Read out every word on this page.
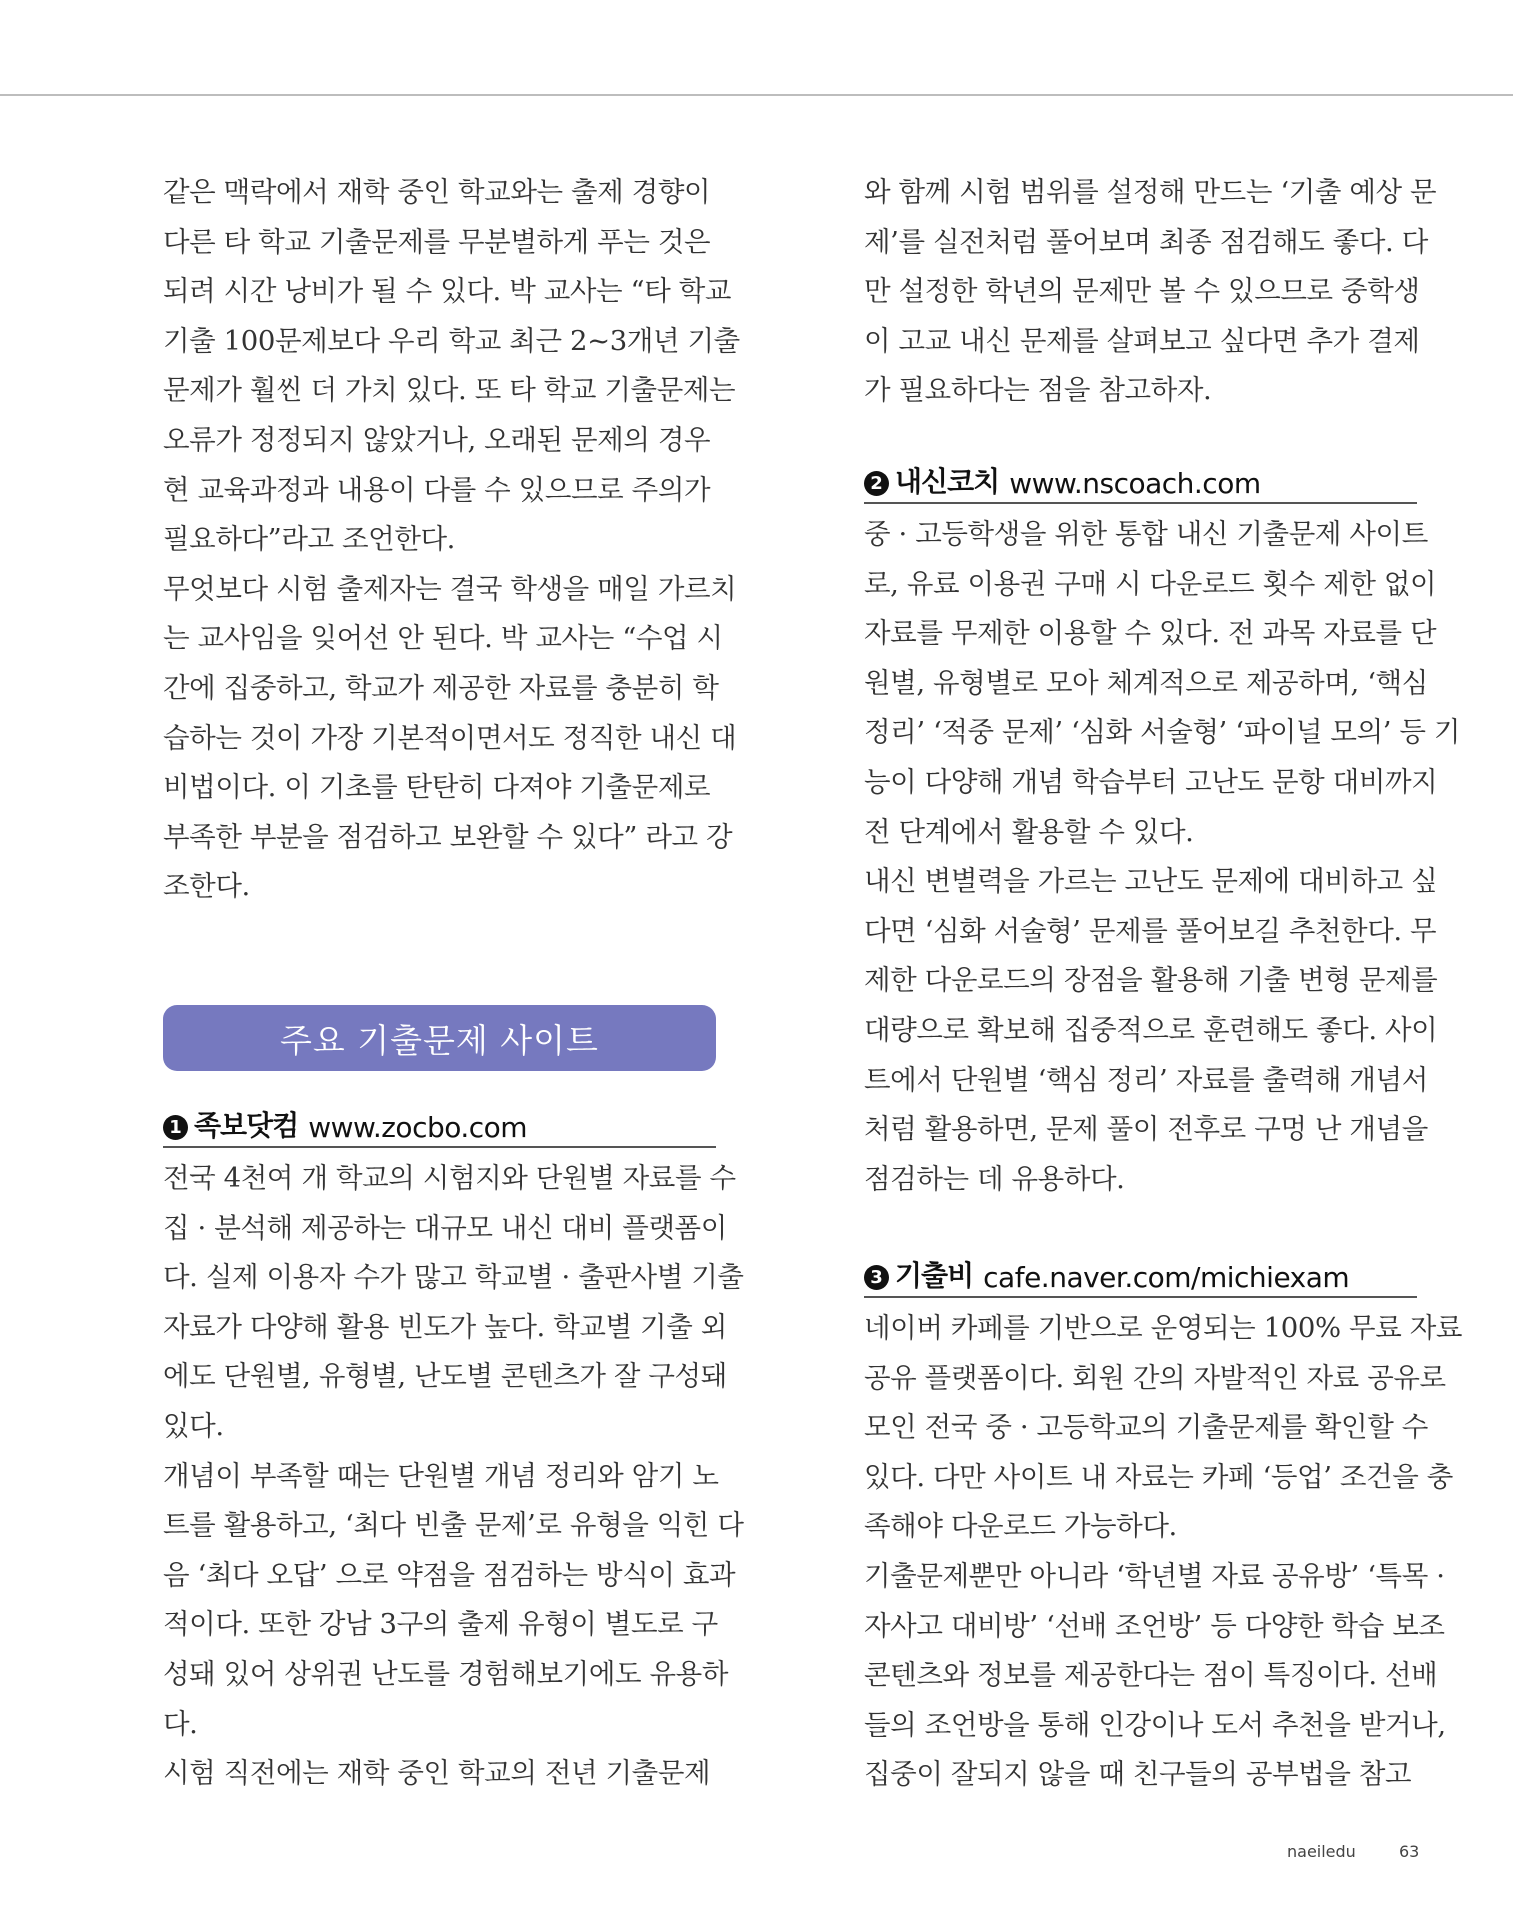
같은 맥락에서 재학 중인 학교와는 출제 경향이

다른 타 학교 기출문제를 무분별하게 푸는 것은

되려 시간 낭비가 될 수 있다. 박 교사는 “타 학교

기출 100문제보다 우리 학교 최근 2~3개년 기출

문제가 훨씬 더 가치 있다. 또 타 학교 기출문제는

오류가 정정되지 않았거나, 오래된 문제의 경우

현 교육과정과 내용이 다를 수 있으므로 주의가

필요하다”라고 조언한다.

무엇보다 시험 출제자는 결국 학생을 매일 가르치

는 교사임을 잊어선 안 된다. 박 교사는 “수업 시

간에 집중하고, 학교가 제공한 자료를 충분히 학

습하는 것이 가장 기본적이면서도 정직한 내신 대

비법이다. 이 기초를 탄탄히 다져야 기출문제로

부족한 부분을 점검하고 보완할 수 있다” 라고 강

조한다.

주요 기출문제 사이트
1 족보닷컴 www.zocbo.com

전국 4천여 개 학교의 시험지와 단원별 자료를 수

집 · 분석해 제공하는 대규모 내신 대비 플랫폼이

다. 실제 이용자 수가 많고 학교별 · 출판사별 기출

자료가 다양해 활용 빈도가 높다. 학교별 기출 외

에도 단원별, 유형별, 난도별 콘텐츠가 잘 구성돼

있다.

개념이 부족할 때는 단원별 개념 정리와 암기 노

트를 활용하고, ‘최다 빈출 문제’로 유형을 익힌 다

음 ‘최다 오답’ 으로 약점을 점검하는 방식이 효과

적이다. 또한 강남 3구의 출제 유형이 별도로 구

성돼 있어 상위권 난도를 경험해보기에도 유용하

다.

시험 직전에는 재학 중인 학교의 전년 기출문제

와 함께 시험 범위를 설정해 만드는 ‘기출 예상 문

제’를 실전처럼 풀어보며 최종 점검해도 좋다. 다

만 설정한 학년의 문제만 볼 수 있으므로 중학생

이 고교 내신 문제를 살펴보고 싶다면 추가 결제

가 필요하다는 점을 참고하자.

2 내신코치 www.nscoach.com

중 · 고등학생을 위한 통합 내신 기출문제 사이트

로, 유료 이용권 구매 시 다운로드 횟수 제한 없이

자료를 무제한 이용할 수 있다. 전 과목 자료를 단

원별, 유형별로 모아 체계적으로 제공하며, ‘핵심

정리’ ‘적중 문제’ ‘심화 서술형’ ‘파이널 모의’ 등 기

능이 다양해 개념 학습부터 고난도 문항 대비까지

전 단계에서 활용할 수 있다.

내신 변별력을 가르는 고난도 문제에 대비하고 싶

다면 ‘심화 서술형’ 문제를 풀어보길 추천한다. 무

제한 다운로드의 장점을 활용해 기출 변형 문제를

대량으로 확보해 집중적으로 훈련해도 좋다. 사이

트에서 단원별 ‘핵심 정리’ 자료를 출력해 개념서

처럼 활용하면, 문제 풀이 전후로 구멍 난 개념을

점검하는 데 유용하다.

3 기출비 cafe.naver.com/michiexam

네이버 카페를 기반으로 운영되는 100% 무료 자료

공유 플랫폼이다. 회원 간의 자발적인 자료 공유로

모인 전국 중 · 고등학교의 기출문제를 확인할 수

있다. 다만 사이트 내 자료는 카페 ‘등업’ 조건을 충

족해야 다운로드 가능하다.

기출문제뿐만 아니라 ‘학년별 자료 공유방’ ‘특목 ·

자사고 대비방’ ‘선배 조언방’ 등 다양한 학습 보조

콘텐츠와 정보를 제공한다는 점이 특징이다. 선배

들의 조언방을 통해 인강이나 도서 추천을 받거나,

집중이 잘되지 않을 때 친구들의 공부법을 참고

naeiledu	63
